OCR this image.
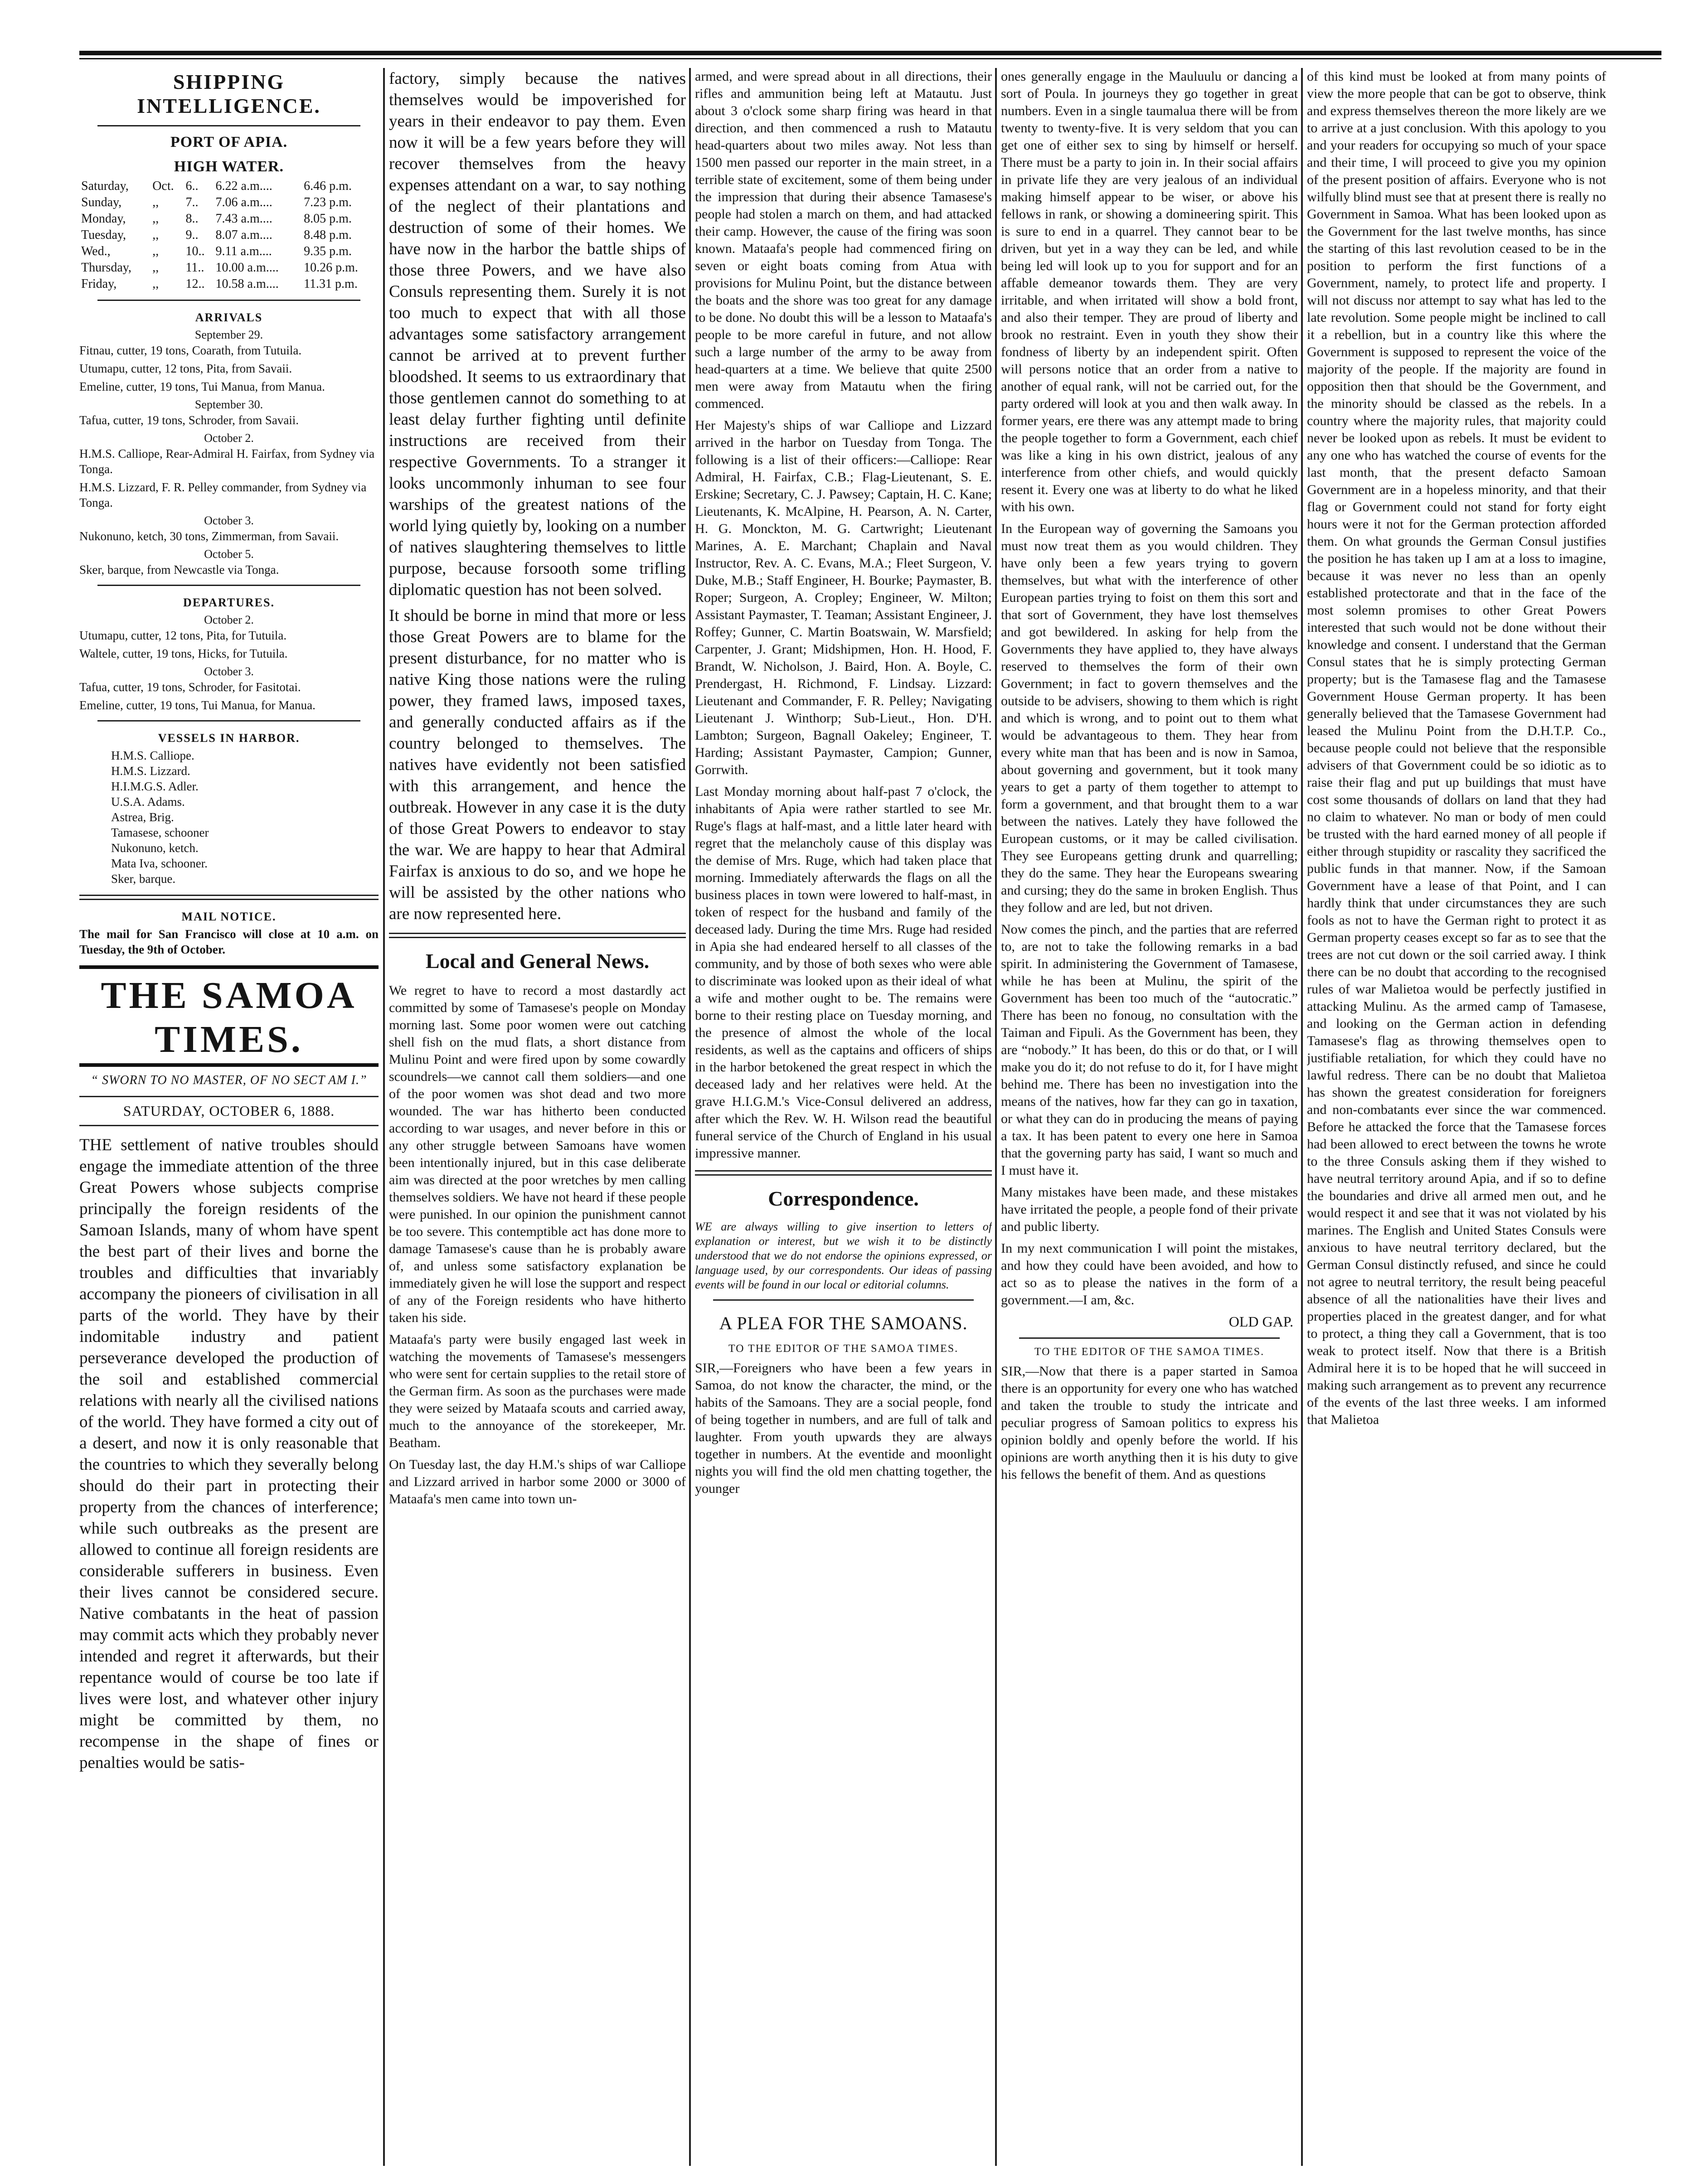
SHIPPING INTELLIGENCE.
PORT OF APIA.
HIGH WATER.
Saturday,	Oct.	6..	6.22 a.m....	6.46 p.m.
Sunday,	,,	7..	7.06 a.m....	7.23 p.m.
Monday,	,,	8..	7.43 a.m....	8.05 p.m.
Tuesday,	,,	9..	8.07 a.m....	8.48 p.m.
Wed.,	,,	10..	9.11 a.m....	9.35 p.m.
Thursday,	,,	11..	10.00 a.m....	10.26 p.m.
Friday,	,,	12..	10.58 a.m....	11.31 p.m.
ARRIVALS
September 29.
Fitnau, cutter, 19 tons, Coarath, from Tutuila.
Utumapu, cutter, 12 tons, Pita, from Savaii.
Emeline, cutter, 19 tons, Tui Manua, from Manua.
September 30.
Tafua, cutter, 19 tons, Schroder, from Savaii.
October 2.
H.M.S. Calliope, Rear-Admiral H. Fairfax, from Sydney via Tonga.
H.M.S. Lizzard, F. R. Pelley commander, from Sydney via Tonga.
October 3.
Nukonuno, ketch, 30 tons, Zimmerman, from Savaii.
October 5.
Sker, barque, from Newcastle via Tonga.
DEPARTURES.
October 2.
Utumapu, cutter, 12 tons, Pita, for Tutuila.
Waltele, cutter, 19 tons, Hicks, for Tutuila.
October 3.
Tafua, cutter, 19 tons, Schroder, for Fasitotai.
Emeline, cutter, 19 tons, Tui Manua, for Manua.
VESSELS IN HARBOR.
H.M.S. Calliope.
H.M.S. Lizzard.
H.I.M.G.S. Adler.
U.S.A. Adams.
Astrea, Brig.
Tamasese, schooner
Nukonuno, ketch.
Mata Iva, schooner.
Sker, barque.
MAIL NOTICE.
The mail for San Francisco will close at 10 a.m. on Tuesday, the 9th of October.
THE SAMOA TIMES.
“ SWORN TO NO MASTER, OF NO SECT AM I.”
SATURDAY, OCTOBER 6, 1888.

THE settlement of native troubles should engage the immediate attention of the three Great Powers whose subjects comprise principally the foreign residents of the Samoan Islands, many of whom have spent the best part of their lives and borne the troubles and difficulties that invariably accompany the pioneers of civilisation in all parts of the world. They have by their indomitable industry and patient perseverance developed the production of the soil and established commercial relations with nearly all the civilised nations of the world. They have formed a city out of a desert, and now it is only reasonable that the countries to which they severally belong should do their part in protecting their property from the chances of interference; while such outbreaks as the present are allowed to continue all foreign residents are considerable sufferers in business. Even their lives cannot be considered secure. Native combatants in the heat of passion may commit acts which they probably never intended and regret it afterwards, but their repentance would of course be too late if lives were lost, and whatever other injury might be committed by them, no recompense in the shape of fines or penalties would be satis-

factory, simply because the natives themselves would be impoverished for years in their endeavor to pay them. Even now it will be a few years before they will recover themselves from the heavy expenses attendant on a war, to say nothing of the neglect of their plantations and destruction of some of their homes. We have now in the harbor the battle ships of those three Powers, and we have also Consuls representing them. Surely it is not too much to expect that with all those advantages some satisfactory arrangement cannot be arrived at to prevent further bloodshed. It seems to us extraordinary that those gentlemen cannot do something to at least delay further fighting until definite instructions are received from their respective Governments. To a stranger it looks uncommonly inhuman to see four warships of the greatest nations of the world lying quietly by, looking on a number of natives slaughtering themselves to little purpose, because forsooth some trifling diplomatic question has not been solved.

It should be borne in mind that more or less those Great Powers are to blame for the present disturbance, for no matter who is native King those nations were the ruling power, they framed laws, imposed taxes, and generally conducted affairs as if the country belonged to themselves. The natives have evidently not been satisfied with this arrangement, and hence the outbreak. However in any case it is the duty of those Great Powers to endeavor to stay the war. We are happy to hear that Admiral Fairfax is anxious to do so, and we hope he will be assisted by the other nations who are now represented here.

Local and General News.

We regret to have to record a most dastardly act committed by some of Tamasese's people on Monday morning last. Some poor women were out catching shell fish on the mud flats, a short distance from Mulinu Point and were fired upon by some cowardly scoundrels—we cannot call them soldiers—and one of the poor women was shot dead and two more wounded. The war has hitherto been conducted according to war usages, and never before in this or any other struggle between Samoans have women been intentionally injured, but in this case deliberate aim was directed at the poor wretches by men calling themselves soldiers. We have not heard if these people were punished. In our opinion the punishment cannot be too severe. This contemptible act has done more to damage Tamasese's cause than he is probably aware of, and unless some satisfactory explanation be immediately given he will lose the support and respect of any of the Foreign residents who have hitherto taken his side.

Mataafa's party were busily engaged last week in watching the movements of Tamasese's messengers who were sent for certain supplies to the retail store of the German firm. As soon as the purchases were made they were seized by Mataafa scouts and carried away, much to the annoyance of the storekeeper, Mr. Beatham.

On Tuesday last, the day H.M.'s ships of war Calliope and Lizzard arrived in harbor some 2000 or 3000 of Mataafa's men came into town un-

armed, and were spread about in all directions, their rifles and ammunition being left at Matautu. Just about 3 o'clock some sharp firing was heard in that direction, and then commenced a rush to Matautu head-quarters about two miles away. Not less than 1500 men passed our reporter in the main street, in a terrible state of excitement, some of them being under the impression that during their absence Tamasese's people had stolen a march on them, and had attacked their camp. However, the cause of the firing was soon known. Mataafa's people had commenced firing on seven or eight boats coming from Atua with provisions for Mulinu Point, but the distance between the boats and the shore was too great for any damage to be done. No doubt this will be a lesson to Mataafa's people to be more careful in future, and not allow such a large number of the army to be away from head-quarters at a time. We believe that quite 2500 men were away from Matautu when the firing commenced.

Her Majesty's ships of war Calliope and Lizzard arrived in the harbor on Tuesday from Tonga. The following is a list of their officers:—Calliope: Rear Admiral, H. Fairfax, C.B.; Flag-Lieutenant, S. E. Erskine; Secretary, C. J. Pawsey; Captain, H. C. Kane; Lieutenants, K. McAlpine, H. Pearson, A. N. Carter, H. G. Monckton, M. G. Cartwright; Lieutenant Marines, A. E. Marchant; Chaplain and Naval Instructor, Rev. A. C. Evans, M.A.; Fleet Surgeon, V. Duke, M.B.; Staff Engineer, H. Bourke; Paymaster, B. Roper; Surgeon, A. Cropley; Engineer, W. Milton; Assistant Paymaster, T. Teaman; Assistant Engineer, J. Roffey; Gunner, C. Martin Boatswain, W. Marsfield; Carpenter, J. Grant; Midshipmen, Hon. H. Hood, F. Brandt, W. Nicholson, J. Baird, Hon. A. Boyle, C. Prendergast, H. Richmond, F. Lindsay. Lizzard: Lieutenant and Commander, F. R. Pelley; Navigating Lieutenant J. Winthorp; Sub-Lieut., Hon. D'H. Lambton; Surgeon, Bagnall Oakeley; Engineer, T. Harding; Assistant Paymaster, Campion; Gunner, Gorrwith.

Last Monday morning about half-past 7 o'clock, the inhabitants of Apia were rather startled to see Mr. Ruge's flags at half-mast, and a little later heard with regret that the melancholy cause of this display was the demise of Mrs. Ruge, which had taken place that morning. Immediately afterwards the flags on all the business places in town were lowered to half-mast, in token of respect for the husband and family of the deceased lady. During the time Mrs. Ruge had resided in Apia she had endeared herself to all classes of the community, and by those of both sexes who were able to discriminate was looked upon as their ideal of what a wife and mother ought to be. The remains were borne to their resting place on Tuesday morning, and the presence of almost the whole of the local residents, as well as the captains and officers of ships in the harbor betokened the great respect in which the deceased lady and her relatives were held. At the grave H.I.G.M.'s Vice-Consul delivered an address, after which the Rev. W. H. Wilson read the beautiful funeral service of the Church of England in his usual impressive manner.

Correspondence.

WE are always willing to give insertion to letters of explanation or interest, but we wish it to be distinctly understood that we do not endorse the opinions expressed, or language used, by our correspondents. Our ideas of passing events will be found in our local or editorial columns.

A PLEA FOR THE SAMOANS.
TO THE EDITOR OF THE SAMOA TIMES.

SIR,—Foreigners who have been a few years in Samoa, do not know the character, the mind, or the habits of the Samoans. They are a social people, fond of being together in numbers, and are full of talk and laughter. From youth upwards they are always together in numbers. At the eventide and moonlight nights you will find the old men chatting together, the younger

ones generally engage in the Mauluulu or dancing a sort of Poula. In journeys they go together in great numbers. Even in a single taumalua there will be from twenty to twenty-five. It is very seldom that you can get one of either sex to sing by himself or herself. There must be a party to join in. In their social affairs in private life they are very jealous of an individual making himself appear to be wiser, or above his fellows in rank, or showing a domineering spirit. This is sure to end in a quarrel. They cannot bear to be driven, but yet in a way they can be led, and while being led will look up to you for support and for an affable demeanor towards them. They are very irritable, and when irritated will show a bold front, and also their temper. They are proud of liberty and brook no restraint. Even in youth they show their fondness of liberty by an independent spirit. Often will persons notice that an order from a native to another of equal rank, will not be carried out, for the party ordered will look at you and then walk away. In former years, ere there was any attempt made to bring the people together to form a Government, each chief was like a king in his own district, jealous of any interference from other chiefs, and would quickly resent it. Every one was at liberty to do what he liked with his own.

In the European way of governing the Samoans you must now treat them as you would children. They have only been a few years trying to govern themselves, but what with the interference of other European parties trying to foist on them this sort and that sort of Government, they have lost themselves and got bewildered. In asking for help from the Governments they have applied to, they have always reserved to themselves the form of their own Government; in fact to govern themselves and the outside to be advisers, showing to them which is right and which is wrong, and to point out to them what would be advantageous to them. They hear from every white man that has been and is now in Samoa, about governing and government, but it took many years to get a party of them together to attempt to form a government, and that brought them to a war between the natives. Lately they have followed the European customs, or it may be called civilisation. They see Europeans getting drunk and quarrelling; they do the same. They hear the Europeans swearing and cursing; they do the same in broken English. Thus they follow and are led, but not driven.

Now comes the pinch, and the parties that are referred to, are not to take the following remarks in a bad spirit. In administering the Government of Tamasese, while he has been at Mulinu, the spirit of the Government has been too much of the “autocratic.” There has been no fonoug, no consultation with the Taiman and Fipuli. As the Government has been, they are “nobody.” It has been, do this or do that, or I will make you do it; do not refuse to do it, for I have might behind me. There has been no investigation into the means of the natives, how far they can go in taxation, or what they can do in producing the means of paying a tax. It has been patent to every one here in Samoa that the governing party has said, I want so much and I must have it.

Many mistakes have been made, and these mistakes have irritated the people, a people fond of their private and public liberty.

In my next communication I will point the mistakes, and how they could have been avoided, and how to act so as to please the natives in the form of a government.—I am, &c.

OLD GAP.
TO THE EDITOR OF THE SAMOA TIMES.

SIR,—Now that there is a paper started in Samoa there is an opportunity for every one who has watched and taken the trouble to study the intricate and peculiar progress of Samoan politics to express his opinion boldly and openly before the world. If his opinions are worth anything then it is his duty to give his fellows the benefit of them. And as questions

of this kind must be looked at from many points of view the more people that can be got to observe, think and express themselves thereon the more likely are we to arrive at a just conclusion. With this apology to you and your readers for occupying so much of your space and their time, I will proceed to give you my opinion of the present position of affairs. Everyone who is not wilfully blind must see that at present there is really no Government in Samoa. What has been looked upon as the Government for the last twelve months, has since the starting of this last revolution ceased to be in the position to perform the first functions of a Government, namely, to protect life and property. I will not discuss nor attempt to say what has led to the late revolution. Some people might be inclined to call it a rebellion, but in a country like this where the Government is supposed to represent the voice of the majority of the people. If the majority are found in opposition then that should be the Government, and the minority should be classed as the rebels. In a country where the majority rules, that majority could never be looked upon as rebels. It must be evident to any one who has watched the course of events for the last month, that the present defacto Samoan Government are in a hopeless minority, and that their flag or Government could not stand for forty eight hours were it not for the German protection afforded them. On what grounds the German Consul justifies the position he has taken up I am at a loss to imagine, because it was never no less than an openly established protectorate and that in the face of the most solemn promises to other Great Powers interested that such would not be done without their knowledge and consent. I understand that the German Consul states that he is simply protecting German property; but is the Tamasese flag and the Tamasese Government House German property. It has been generally believed that the Tamasese Government had leased the Mulinu Point from the D.H.T.P. Co., because people could not believe that the responsible advisers of that Government could be so idiotic as to raise their flag and put up buildings that must have cost some thousands of dollars on land that they had no claim to whatever. No man or body of men could be trusted with the hard earned money of all people if either through stupidity or rascality they sacrificed the public funds in that manner. Now, if the Samoan Government have a lease of that Point, and I can hardly think that under circumstances they are such fools as not to have the German right to protect it as German property ceases except so far as to see that the trees are not cut down or the soil carried away. I think there can be no doubt that according to the recognised rules of war Malietoa would be perfectly justified in attacking Mulinu. As the armed camp of Tamasese, and looking on the German action in defending Tamasese's flag as throwing themselves open to justifiable retaliation, for which they could have no lawful redress. There can be no doubt that Malietoa has shown the greatest consideration for foreigners and non-combatants ever since the war commenced. Before he attacked the force that the Tamasese forces had been allowed to erect between the towns he wrote to the three Consuls asking them if they wished to have neutral territory around Apia, and if so to define the boundaries and drive all armed men out, and he would respect it and see that it was not violated by his marines. The English and United States Consuls were anxious to have neutral territory declared, but the German Consul distinctly refused, and since he could not agree to neutral territory, the result being peaceful absence of all the nationalities have their lives and properties placed in the greatest danger, and for what to protect, a thing they call a Government, that is too weak to protect itself. Now that there is a British Admiral here it is to be hoped that he will succeed in making such arrangement as to prevent any recurrence of the events of the last three weeks. I am informed that Malietoa
